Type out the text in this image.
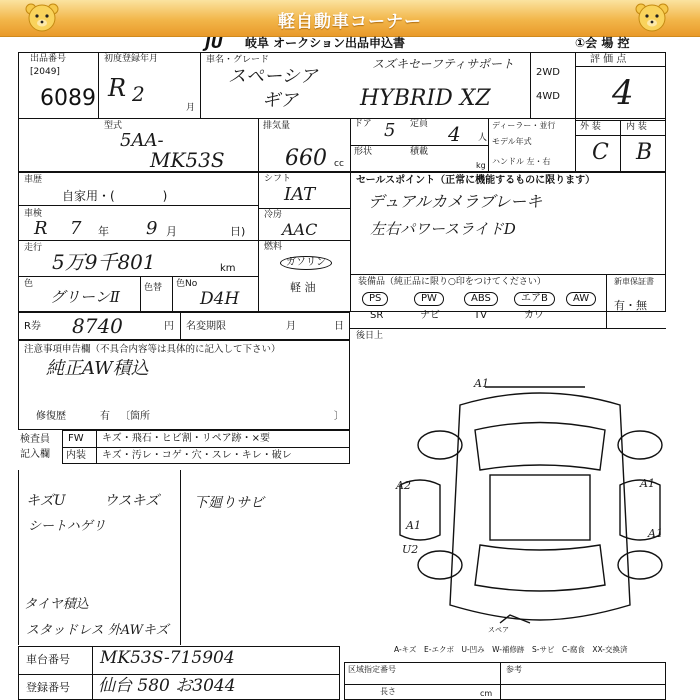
軽自動車コーナー
JU 岐阜 オークション出品申込書	①会 場 控
出品番号
[2049]
6089
初度登録年月
R 2
月
車名・グレード
スペーシア
ギア
スズキセーフティサポート
HYBRID XZ
2WD
4WD
評 価 点
4
型式
5AA-
MK53S
排気量
660 cc
ドア 5 定員 4 人
形状	積載
kg
ディーラー・並行
モデル年式
ハンドル 左・右
外 装	内 装
C B
車歴
自家用・(　　　　)
車検
R 7 年 9 月	日)
走行
5万9千801	km
色
グリーンⅡ	色替 色No
D4H
シフト
IAT
冷房
AAC
燃料
ガソリン
軽 油
セールスポイント（正常に機能するものに限ります）
デュアルカメラブレーキ
左右パワースライドD
装備品（純正品に限り○印をつけてください）	新車保証書
有・無
PS	PW	ABS	エアB	AW
SR	ナビ	TV	カワ
R券 8740	円 名変期限	月	日
後日上
注意事項申告欄（不具合内容等は具体的に記入して下さい）
純正AW積込
修復歴	有 〔箇所	〕
検査員
記入欄
FW キズ・飛石・ヒビ割・リペア跡・×要
内装 キズ・汚レ・コゲ・穴・スレ・キレ・破レ
キズU
シートハゲリ
タイヤ積込
スタッドレス 外AWキズ
ウスキズ 下廻りサビ
A1
A2	A1
A1
U2
A1
スペア
A-キズ　E-エクボ　U-凹み　W-補修跡　S-サビ　C-腐食　XX-交換済
車台番号 MK53S-715904
登録番号 仙台 580 お3044
区域指定番号	参考
長さ	cm
